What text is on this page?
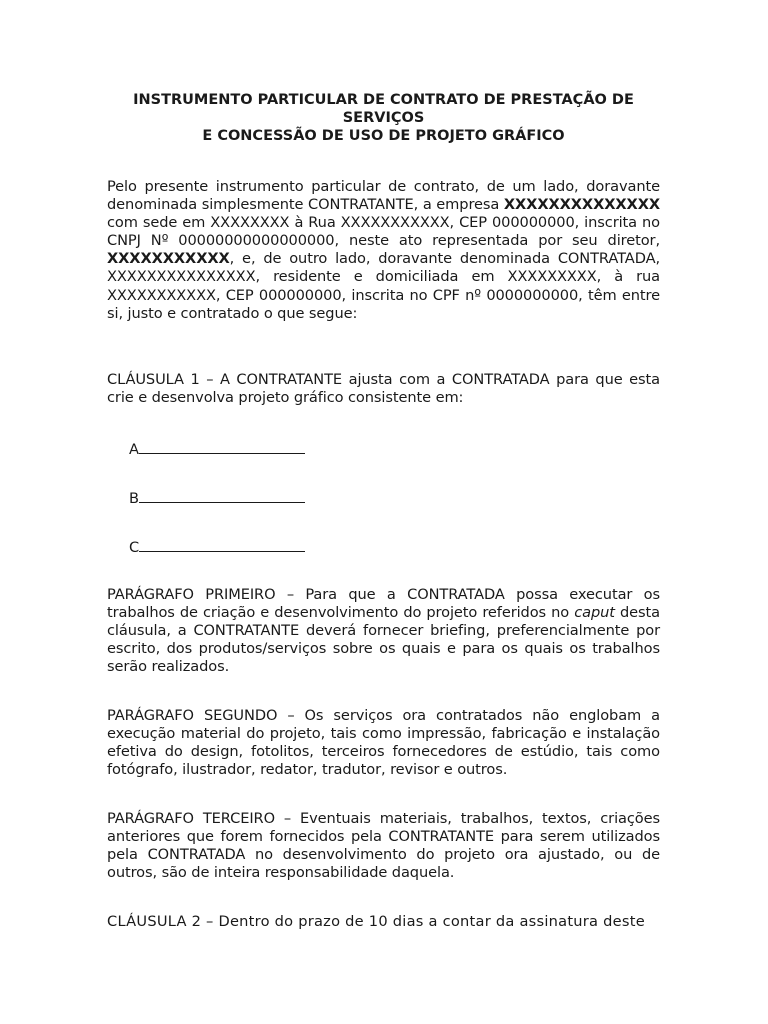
INSTRUMENTO PARTICULAR DE CONTRATO DE PRESTAÇÃO DE
SERVIÇOS
E CONCESSÃO DE USO DE PROJETO GRÁFICO

Pelo presente instrumento particular de contrato, de um lado, doravante denominada simplesmente CONTRATANTE, a empresa XXXXXXXXXXXXXX com sede em XXXXXXXX à Rua XXXXXXXXXXX, CEP 000000000, inscrita no CNPJ Nº 00000000000000000, neste ato representada por seu diretor, XXXXXXXXXXX, e, de outro lado, doravante denominada CONTRATADA, XXXXXXXXXXXXXXX, residente e domiciliada em XXXXXXXXX, à rua XXXXXXXXXXX, CEP 000000000, inscrita no CPF nº 0000000000, têm entre si, justo e contratado o que segue:

CLÁUSULA 1 – A CONTRATANTE ajusta com a CONTRATADA para que esta crie e desenvolva projeto gráfico consistente em:

A
B
C

PARÁGRAFO PRIMEIRO – Para que a CONTRATADA possa executar os trabalhos de criação e desenvolvimento do projeto referidos no caput desta cláusula, a CONTRATANTE deverá fornecer briefing, preferencialmente por escrito, dos produtos/serviços sobre os quais e para os quais os trabalhos serão realizados.

PARÁGRAFO SEGUNDO – Os serviços ora contratados não englobam a execução material do projeto, tais como impressão, fabricação e instalação efetiva do design, fotolitos, terceiros fornecedores de estúdio, tais como fotógrafo, ilustrador, redator, tradutor, revisor e outros.

PARÁGRAFO TERCEIRO – Eventuais materiais, trabalhos, textos, criações anteriores que forem fornecidos pela CONTRATANTE para serem utilizados pela CONTRATADA no desenvolvimento do projeto ora ajustado, ou de outros, são de inteira responsabilidade daquela.

CLÁUSULA 2 – Dentro do prazo de 10 dias a contar da assinatura deste
